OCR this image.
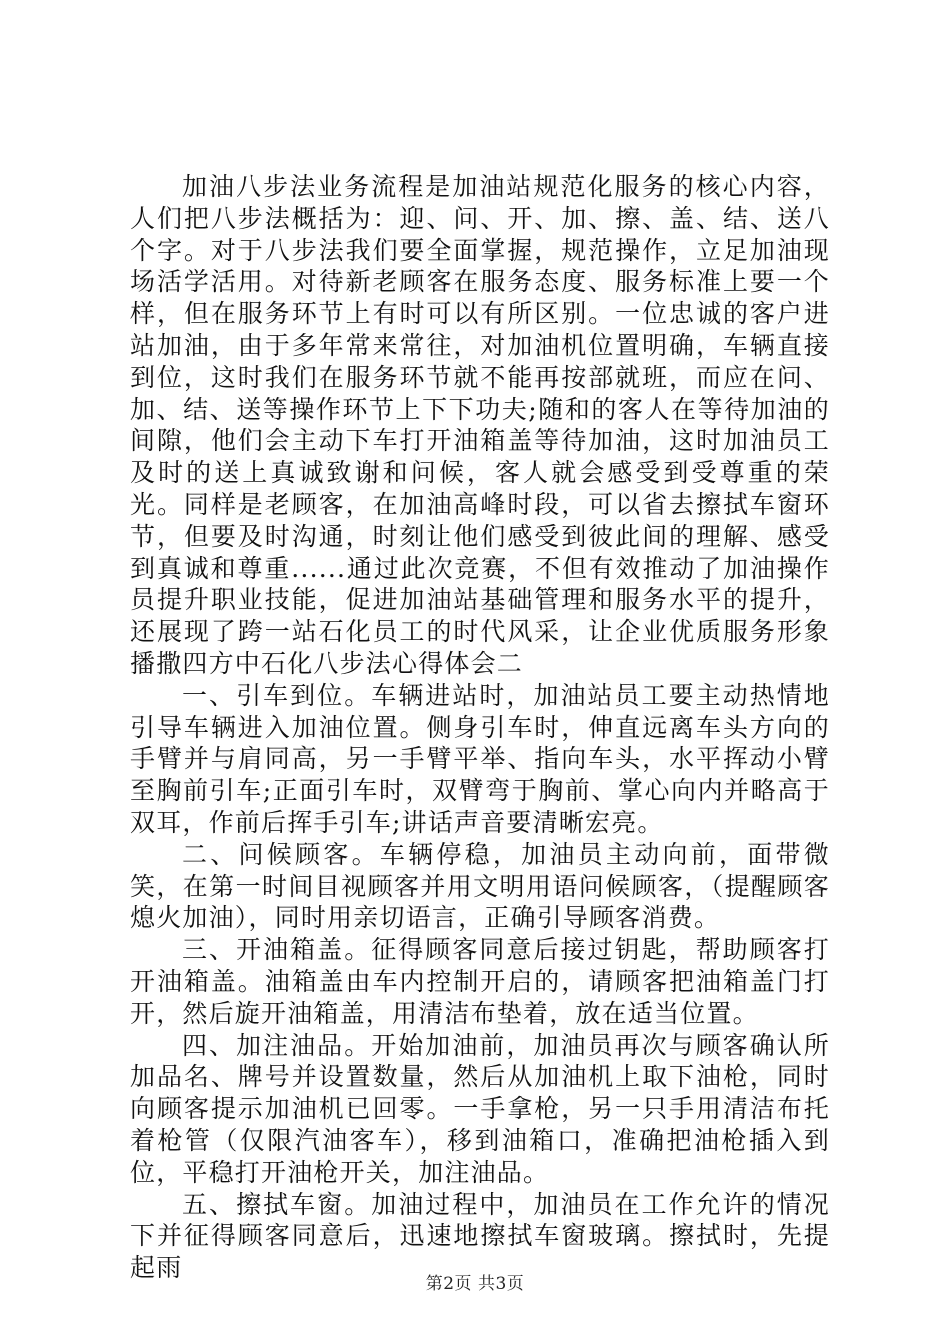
加油八步法业务流程是加油站规范化服务的核心内容，人们把八步法概括为：迎、问、开、加、擦、盖、结、送八个字。对于八步法我们要全面掌握，规范操作，立足加油现场活学活用。对待新老顾客在服务态度、服务标准上要一个样，但在服务环节上有时可以有所区别。一位忠诚的客户进站加油，由于多年常来常往，对加油机位置明确，车辆直接到位，这时我们在服务环节就不能再按部就班，而应在问、加、结、送等操作环节上下下功夫;随和的客人在等待加油的间隙，他们会主动下车打开油箱盖等待加油，这时加油员工及时的送上真诚致谢和问候，客人就会感受到受尊重的荣光。同样是老顾客，在加油高峰时段，可以省去擦拭车窗环节，但要及时沟通，时刻让他们感受到彼此间的理解、感受到真诚和尊重......通过此次竞赛，不但有效推动了加油操作员提升职业技能，促进加油站基础管理和服务水平的提升，还展现了跨一站石化员工的时代风采，让企业优质服务形象播撒四方中石化八步法心得体会二

一、引车到位。车辆进站时，加油站员工要主动热情地引导车辆进入加油位置。侧身引车时，伸直远离车头方向的手臂并与肩同高，另一手臂平举、指向车头，水平挥动小臂至胸前引车;正面引车时，双臂弯于胸前、掌心向内并略高于双耳，作前后挥手引车;讲话声音要清晰宏亮。

二、问候顾客。车辆停稳，加油员主动向前，面带微笑，在第一时间目视顾客并用文明用语问候顾客，（提醒顾客熄火加油），同时用亲切语言，正确引导顾客消费。

三、开油箱盖。征得顾客同意后接过钥匙，帮助顾客打开油箱盖。油箱盖由车内控制开启的，请顾客把油箱盖门打开，然后旋开油箱盖，用清洁布垫着，放在适当位置。

四、加注油品。开始加油前，加油员再次与顾客确认所加品名、牌号并设置数量，然后从加油机上取下油枪，同时向顾客提示加油机已回零。一手拿枪，另一只手用清洁布托着枪管（仅限汽油客车），移到油箱口，准确把油枪插入到位，平稳打开油枪开关，加注油品。

五、擦拭车窗。加油过程中，加油员在工作允许的情况下并征得顾客同意后，迅速地擦拭车窗玻璃。擦拭时，先提起雨

第2页 共3页
